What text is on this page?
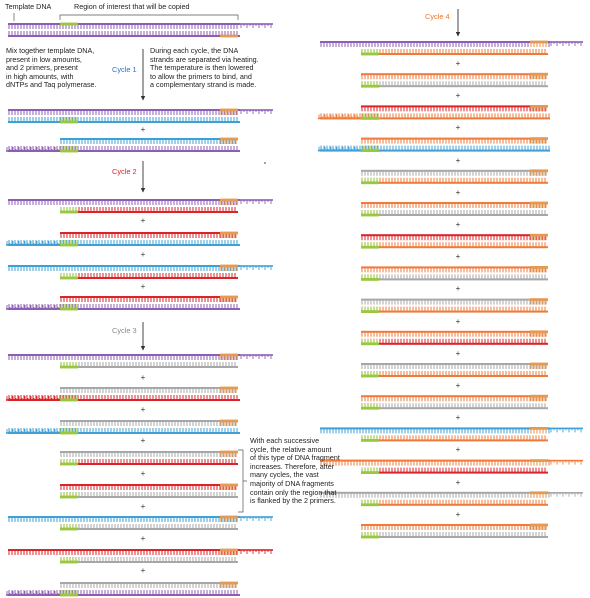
Template DNA	Region of interest that will be copied
Mix together template DNA,
present in low amounts,
and 2 primers, present
in high amounts, with
dNTPs and Taq polymerase.
During each cycle, the DNA
strands are separated via heating.
The temperature is then lowered
to allow the primers to bind, and
a complementary strand is made.
With each successive
cycle, the relative amount
of this type of DNA fragment
increases. Therefore, after
many cycles, the vast
majority of DNA fragments
contain only the region that
is flanked by the 2 primers.
Cycle 1
Cycle 2
Cycle 3
Cycle 4
+
+
+
+
+
+
+
+
+
+
+
+
+
+
+
+
+
+
+
+
+
+
+
+
+
+
